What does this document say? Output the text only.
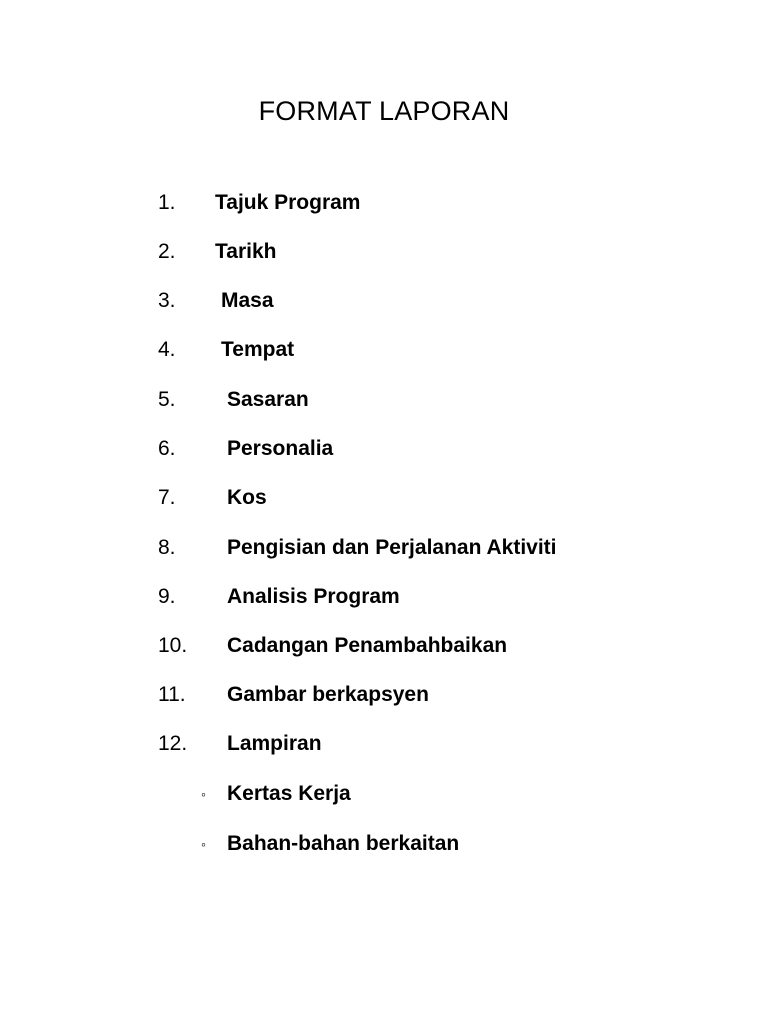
FORMAT LAPORAN
1. Tajuk Program
2. Tarikh
3. Masa
4. Tempat
5. Sasaran
6. Personalia
7. Kos
8. Pengisian dan Perjalanan Aktiviti
9. Analisis Program
10. Cadangan Penambahbaikan
11. Gambar berkapsyen
12. Lampiran
◦ Kertas Kerja
◦ Bahan-bahan berkaitan
